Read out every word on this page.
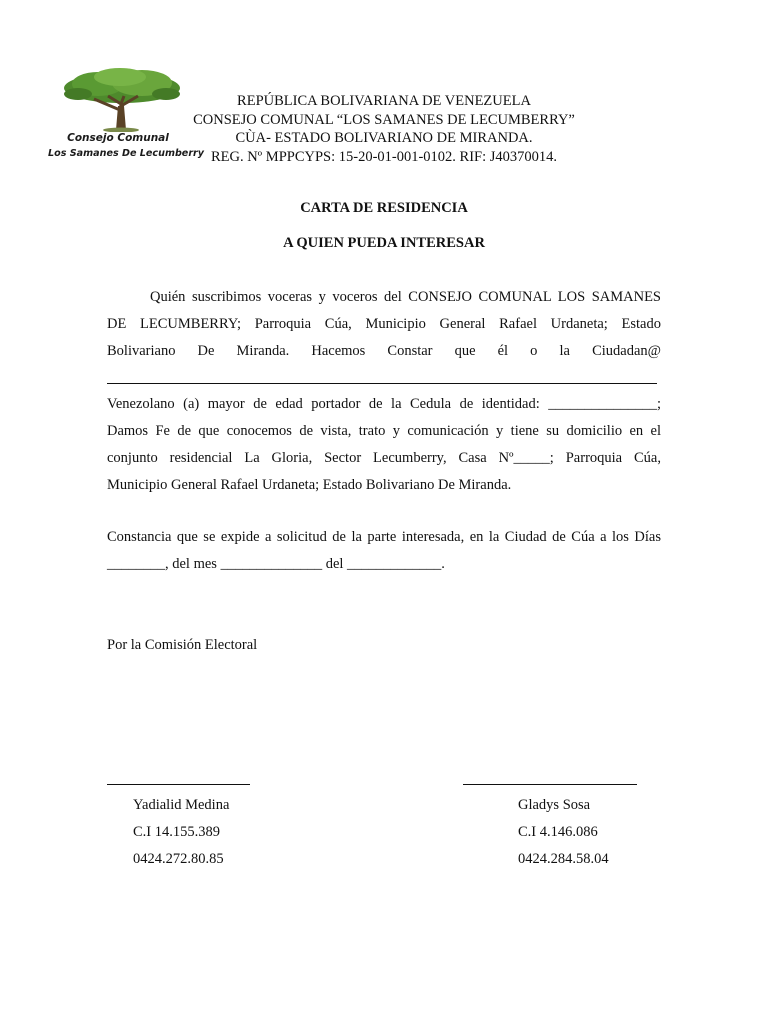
Consejo Comunal
Los Samanes De Lecumberry
REPÚBLICA BOLIVARIANA DE VENEZUELA
CONSEJO COMUNAL “LOS SAMANES DE LECUMBERRY”
CÙA- ESTADO BOLIVARIANO DE MIRANDA.
REG. Nº MPPCYPS: 15-20-01-001-0102. RIF: J40370014.
CARTA DE RESIDENCIA
A QUIEN PUEDA INTERESAR
Quién suscribimos voceras y voceros del CONSEJO COMUNAL LOS SAMANES
DE LECUMBERRY; Parroquia Cúa, Municipio General Rafael Urdaneta; Estado
Bolivariano De Miranda. Hacemos Constar que él o la Ciudadan@
Venezolano (a) mayor de edad portador de la Cedula de identidad: _______________;
Damos Fe de que conocemos de vista, trato y comunicación y tiene su domicilio en el
conjunto residencial La Gloria, Sector Lecumberry, Casa Nº_____; Parroquia Cúa,
Municipio General Rafael Urdaneta; Estado Bolivariano De Miranda.
Constancia que se expide a solicitud de la parte interesada, en la Ciudad de Cúa a los Días
________, del mes ______________ del _____________.
Por la Comisión Electoral
Yadialid Medina
C.I 14.155.389
0424.272.80.85
Gladys Sosa
C.I 4.146.086
0424.284.58.04
